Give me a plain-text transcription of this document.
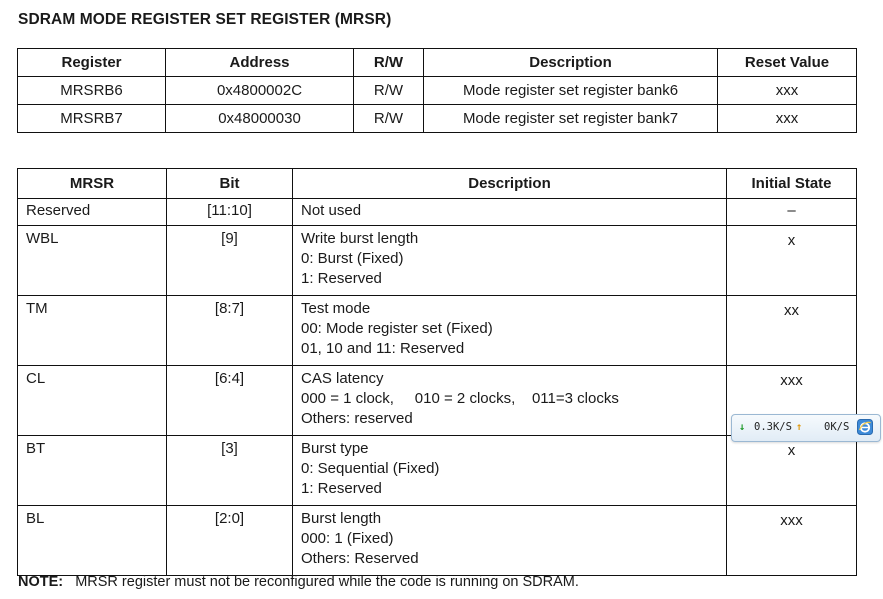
SDRAM MODE REGISTER SET REGISTER (MRSR)
Register	Address	R/W	Description	Reset Value
MRSRB6	0x4800002C	R/W	Mode register set register bank6	xxx
MRSRB7	0x48000030	R/W	Mode register set register bank7	xxx
MRSR	Bit	Description	Initial State
Reserved	[11:10]	Not used	–
WBL	[9]	Write burst length
0: Burst (Fixed)
1: Reserved	x
TM	[8:7]	Test mode
00: Mode register set (Fixed)
01, 10 and 11: Reserved	xx
CL	[6:4]	CAS latency
000 = 1 clock,     010 = 2 clocks,    011=3 clocks
Others: reserved	xxx
BT	[3]	Burst type
0: Sequential (Fixed)
1: Reserved	x
BL	[2:0]	Burst length
000: 1 (Fixed)
Others: Reserved	xxx
NOTE: MRSR register must not be reconfigured while the code is running on SDRAM.
↓ 0.3K/S ↑ 0K/S
